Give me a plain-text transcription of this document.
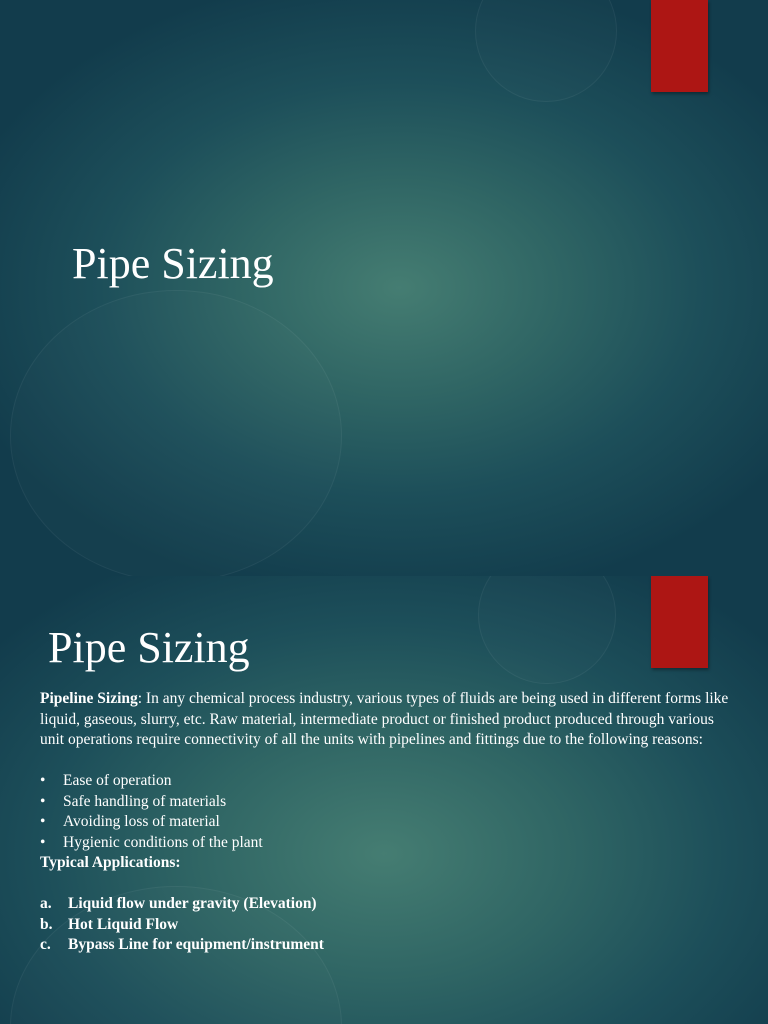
Pipe Sizing
Pipe Sizing

Pipeline Sizing: In any chemical process industry, various types of fluids are being used in different forms like liquid, gaseous, slurry, etc. Raw material, intermediate product or finished product produced through various unit operations require connectivity of all the units with pipelines and fittings due to the following reasons:

• Ease of operation
• Safe handling of materials
• Avoiding loss of material
• Hygienic conditions of the plant

Typical Applications:

a. Liquid flow under gravity (Elevation)
b. Hot Liquid Flow
c. Bypass Line for equipment/instrument
